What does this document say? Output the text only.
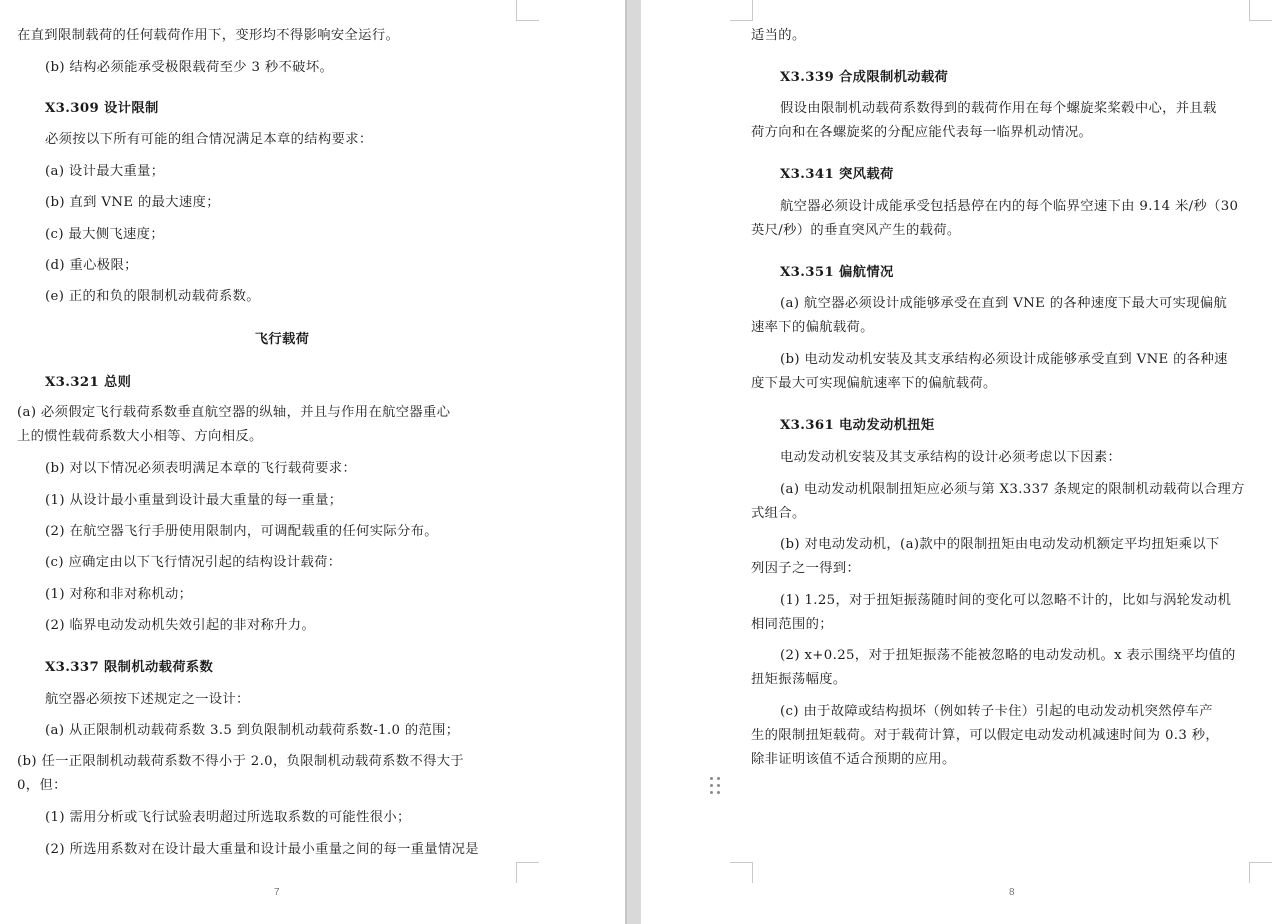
7
在直到限制载荷的任何载荷作用下，变形均不得影响安全运行。
(b) 结构必须能承受极限载荷至少 3 秒不破坏。
X3.309 设计限制
必须按以下所有可能的组合情况满足本章的结构要求：
(a) 设计最大重量；
(b) 直到 VNE 的最大速度；
(c) 最大侧飞速度；
(d) 重心极限；
(e) 正的和负的限制机动载荷系数。
飞行载荷
X3.321 总则
(a) 必须假定飞行载荷系数垂直航空器的纵轴，并且与作用在航空器重心
上的惯性载荷系数大小相等、方向相反。
(b) 对以下情况必须表明满足本章的飞行载荷要求：
(1) 从设计最小重量到设计最大重量的每一重量；
(2) 在航空器飞行手册使用限制内，可调配载重的任何实际分布。
(c) 应确定由以下飞行情况引起的结构设计载荷：
(1) 对称和非对称机动；
(2) 临界电动发动机失效引起的非对称升力。
X3.337 限制机动载荷系数
航空器必须按下述规定之一设计：
(a) 从正限制机动载荷系数 3.5 到负限制机动载荷系数-1.0 的范围；
(b) 任一正限制机动载荷系数不得小于 2.0，负限制机动载荷系数不得大于
0，但：
(1) 需用分析或飞行试验表明超过所选取系数的可能性很小；
(2) 所选用系数对在设计最大重量和设计最小重量之间的每一重量情况是
8
适当的。
X3.339 合成限制机动载荷
假设由限制机动载荷系数得到的载荷作用在每个螺旋桨桨毂中心，并且载
荷方向和在各螺旋桨的分配应能代表每一临界机动情况。
X3.341 突风载荷
航空器必须设计成能承受包括悬停在内的每个临界空速下由 9.14 米/秒（30
英尺/秒）的垂直突风产生的载荷。
X3.351 偏航情况
(a) 航空器必须设计成能够承受在直到 VNE 的各种速度下最大可实现偏航
速率下的偏航载荷。
(b) 电动发动机安装及其支承结构必须设计成能够承受直到 VNE 的各种速
度下最大可实现偏航速率下的偏航载荷。
X3.361 电动发动机扭矩
电动发动机安装及其支承结构的设计必须考虑以下因素：
(a) 电动发动机限制扭矩应必须与第 X3.337 条规定的限制机动载荷以合理方
式组合。
(b) 对电动发动机，(a)款中的限制扭矩由电动发动机额定平均扭矩乘以下
列因子之一得到：
(1) 1.25，对于扭矩振荡随时间的变化可以忽略不计的，比如与涡轮发动机
相同范围的；
(2) x+0.25，对于扭矩振荡不能被忽略的电动发动机。x 表示围绕平均值的
扭矩振荡幅度。
(c) 由于故障或结构损坏（例如转子卡住）引起的电动发动机突然停车产
生的限制扭矩载荷。对于载荷计算，可以假定电动发动机减速时间为 0.3 秒，
除非证明该值不适合预期的应用。
